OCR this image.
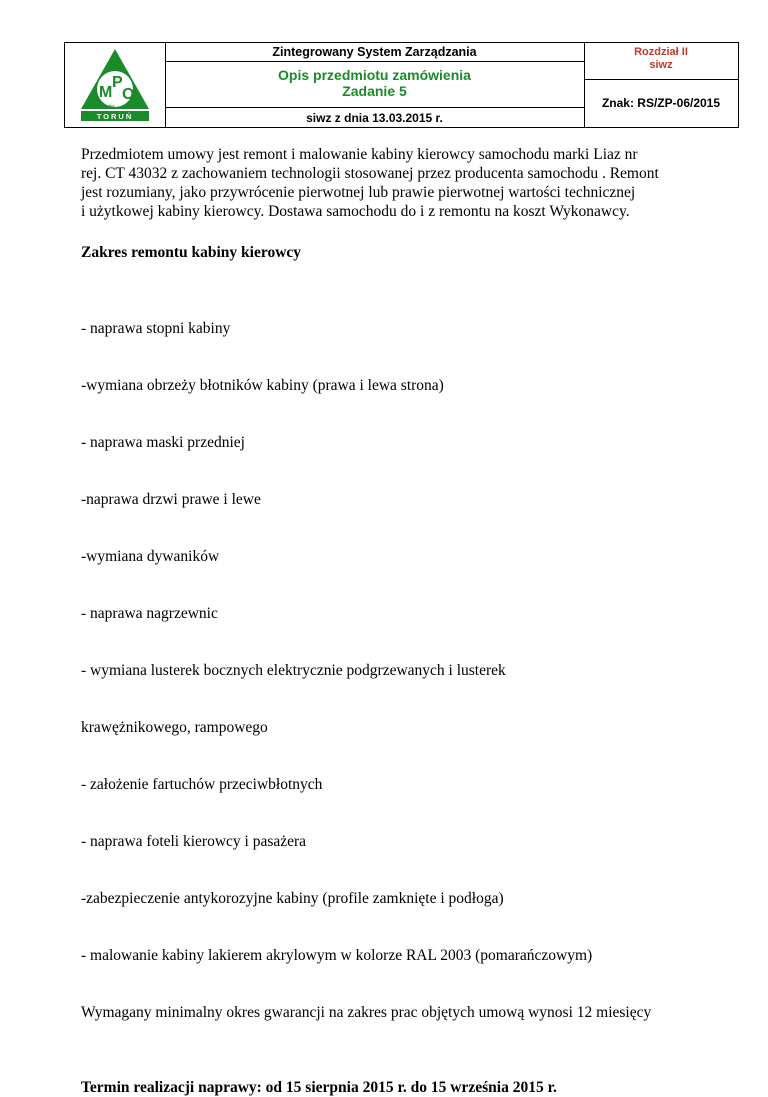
M
P
O
spółka
TORUŃ
Zintegrowany System Zarządzania
Opis przedmiotu zamówienia
Zadanie 5
siwz z dnia 13.03.2015 r.
Rozdział II
siwz
Znak: RS/ZP-06/2015

Przedmiotem umowy jest remont i malowanie kabiny kierowcy samochodu marki Liaz nr
rej. CT 43032 z zachowaniem technologii stosowanej przez producenta samochodu . Remont
jest rozumiany, jako przywrócenie pierwotnej lub prawie pierwotnej wartości technicznej
i użytkowej kabiny kierowcy. Dostawa samochodu do i z remontu na koszt Wykonawcy.

Zakres remontu kabiny kierowcy

- naprawa stopni kabiny

-wymiana obrzeży błotników kabiny (prawa i lewa strona)

- naprawa maski przedniej

-naprawa drzwi prawe i lewe

-wymiana dywaników

- naprawa nagrzewnic

- wymiana lusterek bocznych elektrycznie podgrzewanych i lusterek

krawężnikowego, rampowego

- założenie fartuchów przeciwbłotnych

- naprawa foteli kierowcy i pasażera

-zabezpieczenie antykorozyjne kabiny (profile zamknięte i podłoga)

- malowanie kabiny lakierem akrylowym w kolorze RAL 2003 (pomarańczowym)

Wymagany minimalny okres gwarancji na zakres prac objętych umową wynosi 12 miesięcy

Termin realizacji naprawy: od 15 sierpnia 2015 r. do 15 września 2015 r.
